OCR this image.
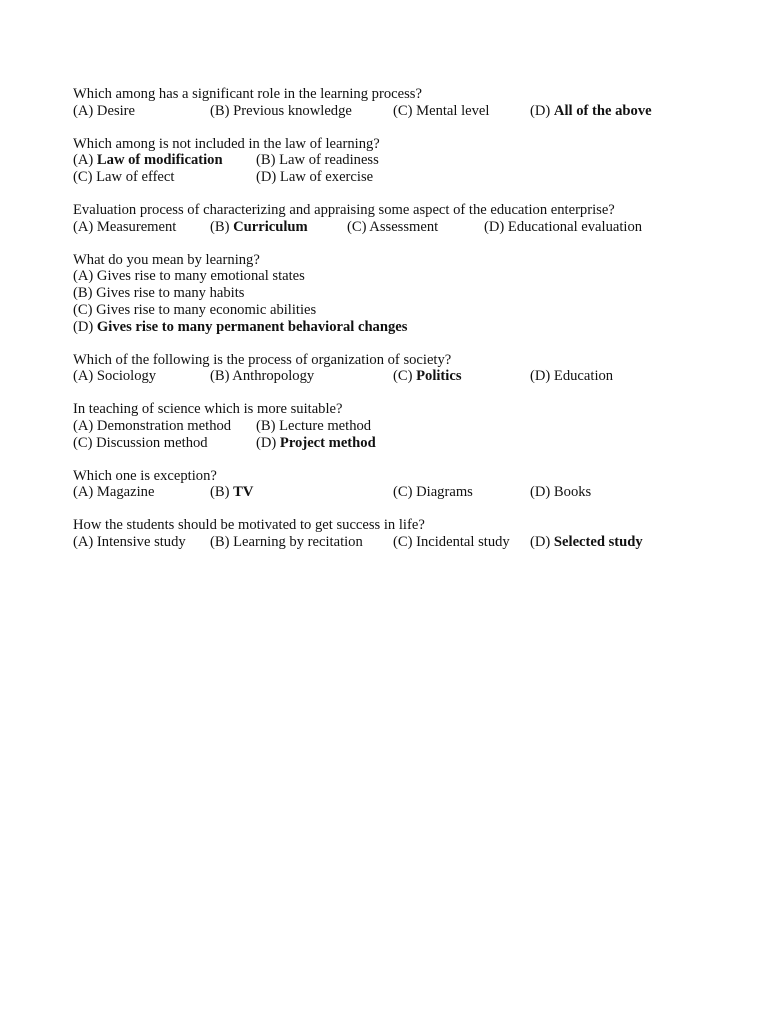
Which among has a significant role in the learning process?
(A) Desire	(B) Previous knowledge	(C) Mental level	(D) All of the above
Which among is not included in the law of learning?
(A) Law of modification (B) Law of readiness
(C) Law of effect	(D) Law of exercise
Evaluation process of characterizing and appraising some aspect of the education enterprise?
(A) Measurement (B) Curriculum	(C) Assessment	(D) Educational evaluation
What do you mean by learning?
(A) Gives rise to many emotional states
(B) Gives rise to many habits
(C) Gives rise to many economic abilities
(D) Gives rise to many permanent behavioral changes
Which of the following is the process of organization of society?
(A) Sociology	(B) Anthropology	(C) Politics	(D) Education
In teaching of science which is more suitable?
(A) Demonstration method (B) Lecture method
(C) Discussion method	(D) Project method
Which one is exception?
(A) Magazine	(B) TV	(C) Diagrams	(D) Books
How the students should be motivated to get success in life?
(A) Intensive study (B) Learning by recitation (C) Incidental study (D) Selected study
